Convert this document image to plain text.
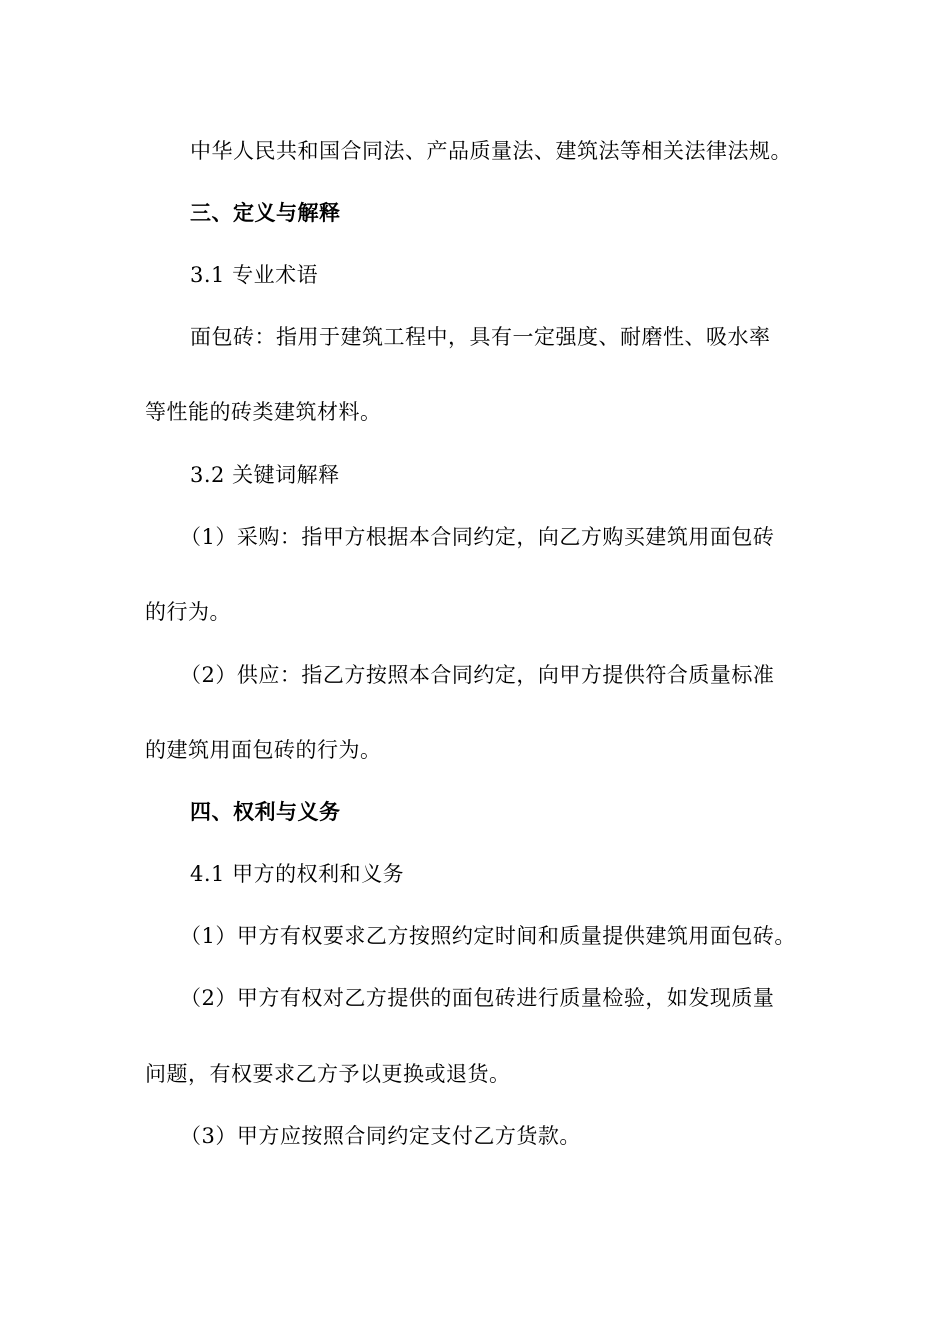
中华人民共和国合同法、产品质量法、建筑法等相关法律法规。
三、定义与解释
3.1 专业术语
面包砖：指用于建筑工程中，具有一定强度、耐磨性、吸水率
等性能的砖类建筑材料。
3.2 关键词解释
（1）采购：指甲方根据本合同约定，向乙方购买建筑用面包砖
的行为。
（2）供应：指乙方按照本合同约定，向甲方提供符合质量标准
的建筑用面包砖的行为。
四、权利与义务
4.1 甲方的权利和义务
（1）甲方有权要求乙方按照约定时间和质量提供建筑用面包砖。
（2）甲方有权对乙方提供的面包砖进行质量检验，如发现质量
问题，有权要求乙方予以更换或退货。
（3）甲方应按照合同约定支付乙方货款。
